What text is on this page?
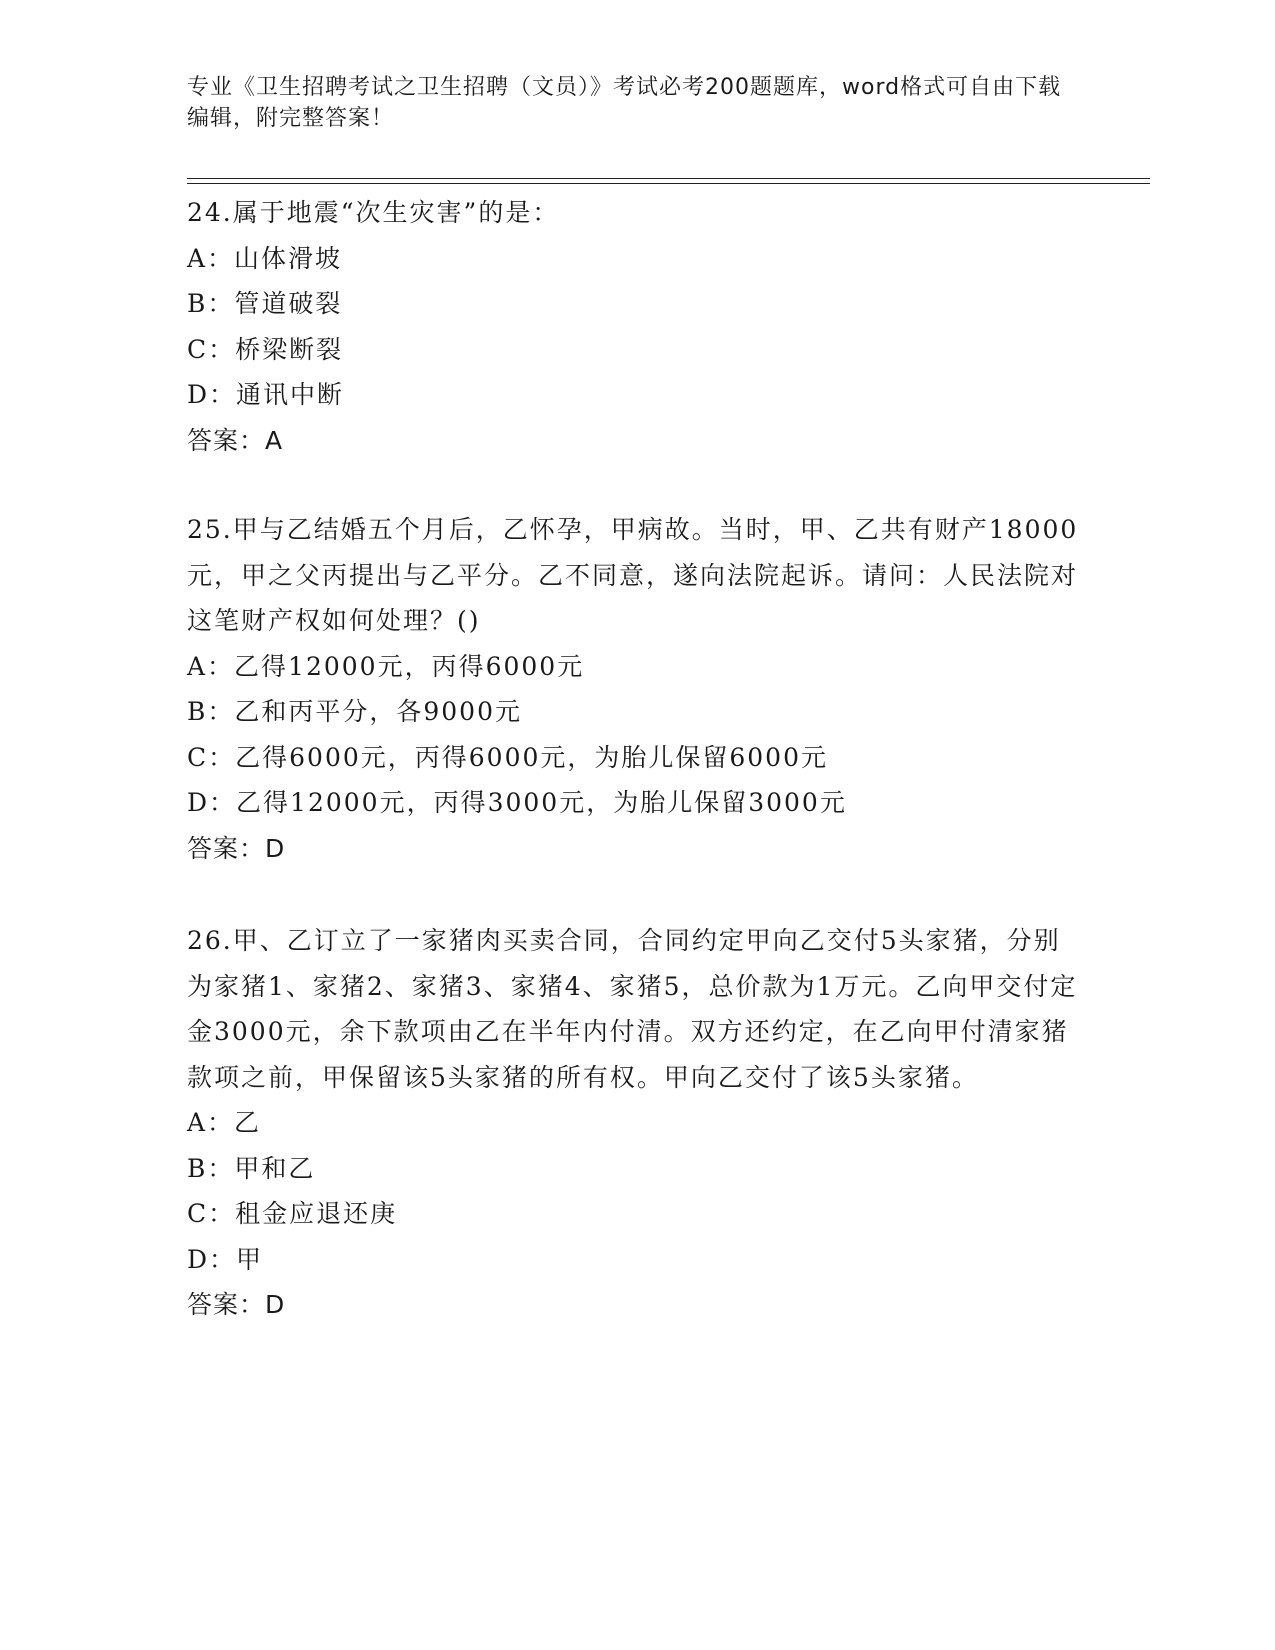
专业《卫生招聘考试之卫生招聘（文员）》考试必考200题题库，word格式可自由下载编辑，附完整答案！

24.属于地震“次生灾害”的是：

A：山体滑坡

B：管道破裂

C：桥梁断裂

D：通讯中断

答案：A

25.甲与乙结婚五个月后，乙怀孕，甲病故。当时，甲、乙共有财产18000元，甲之父丙提出与乙平分。乙不同意，遂向法院起诉。请问：人民法院对这笔财产权如何处理？()

A：乙得12000元，丙得6000元

B：乙和丙平分，各9000元

C：乙得6000元，丙得6000元，为胎儿保留6000元

D：乙得12000元，丙得3000元，为胎儿保留3000元

答案：D

26.甲、乙订立了一家猪肉买卖合同，合同约定甲向乙交付5头家猪，分别为家猪1、家猪2、家猪3、家猪4、家猪5，总价款为1万元。乙向甲交付定金3000元，余下款项由乙在半年内付清。双方还约定，在乙向甲付清家猪款项之前，甲保留该5头家猪的所有权。甲向乙交付了该5头家猪。

A：乙

B：甲和乙

C：租金应退还庚

D：甲

答案：D
